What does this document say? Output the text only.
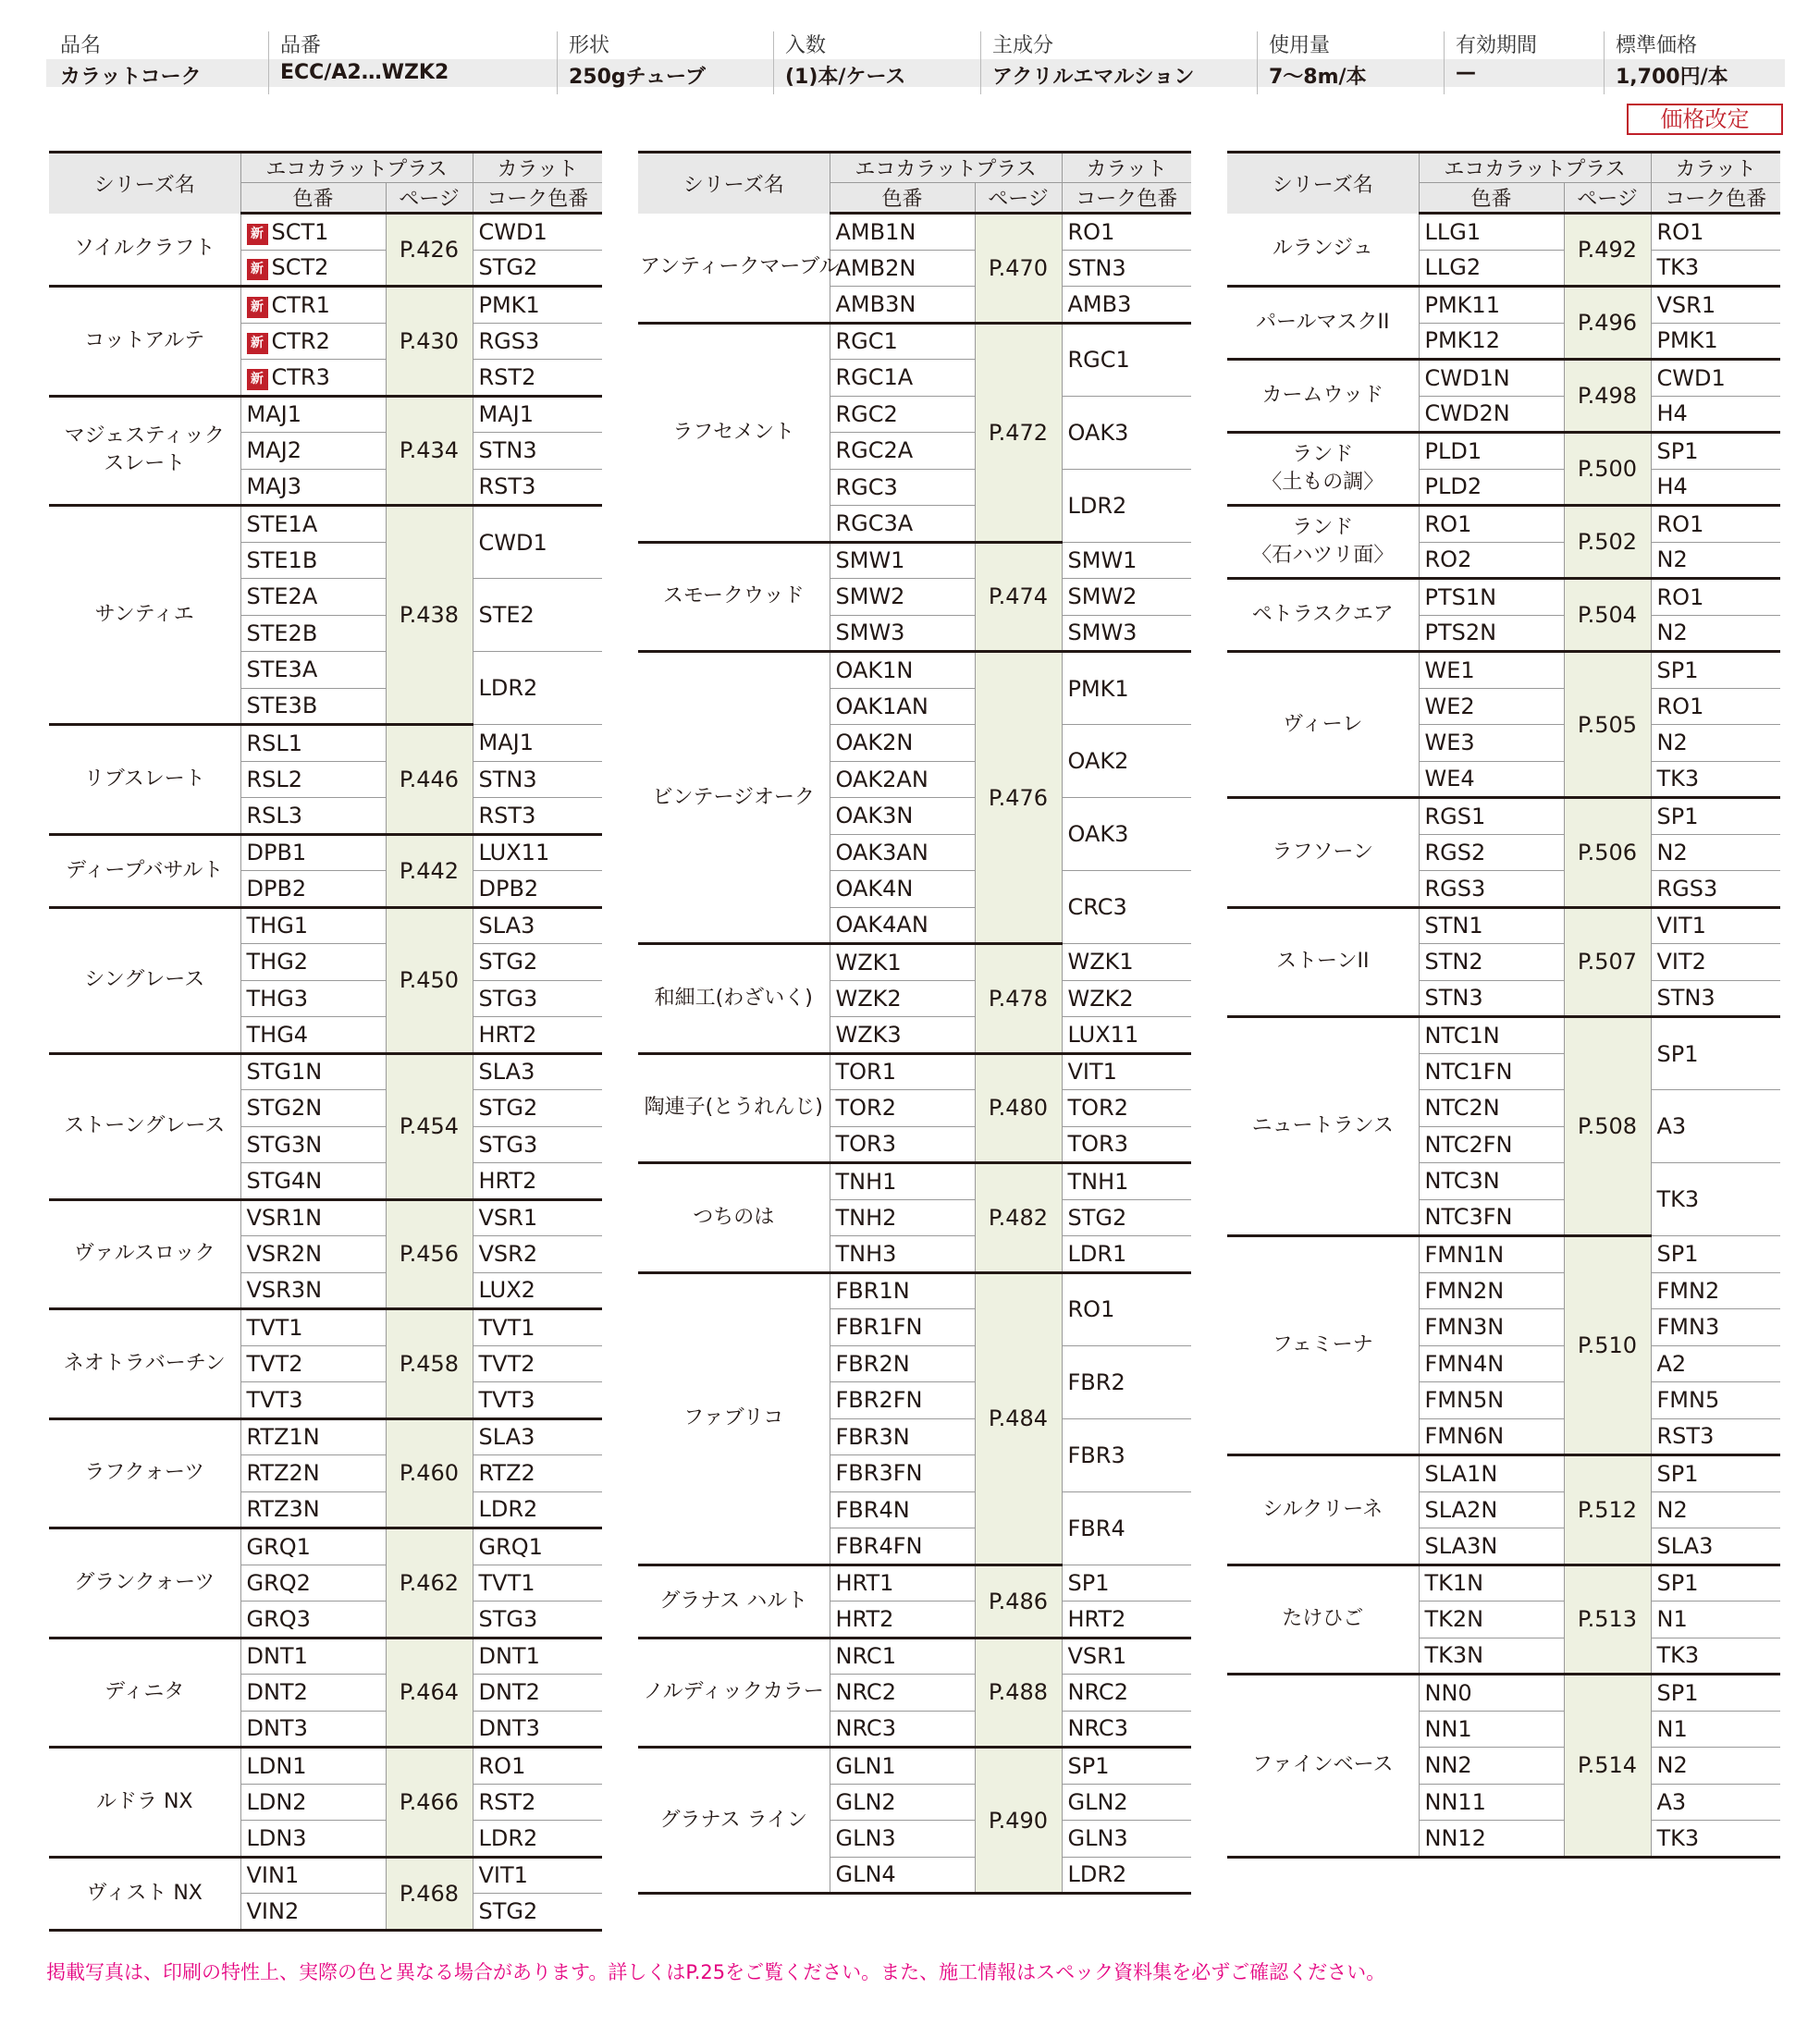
品名	品番	形状	入数	主成分	使用量	有効期間	標準価格
カラットコーク	ECC/A2…WZK2	250gチューブ	(1)本/ケース	アクリルエマルション	7〜8m/本	—	1,700円/本
価格改定
シリーズ名	エコカラットプラス		カラット
	色番	ページ	コーク色番
ソイルクラフト	新 SCT1	P.426	CWD1
	新 SCT2		STG2
コットアルテ	新 CTR1	P.430	PMK1
	新 CTR2		RGS3
	新 CTR3		RST2
マジェスティック
スレート	MAJ1	P.434	MAJ1
	MAJ2		STN3
	MAJ3		RST3
サンティエ	STE1A	P.438	CWD1
	STE1B		
	STE2A		STE2
	STE2B		
	STE3A		LDR2
	STE3B		
リブスレート	RSL1	P.446	MAJ1
	RSL2		STN3
	RSL3		RST3
ディープバサルト	DPB1	P.442	LUX11
	DPB2		DPB2
シングレース	THG1	P.450	SLA3
	THG2		STG2
	THG3		STG3
	THG4		HRT2
ストーングレース	STG1N	P.454	SLA3
	STG2N		STG2
	STG3N		STG3
	STG4N		HRT2
ヴァルスロック	VSR1N	P.456	VSR1
	VSR2N		VSR2
	VSR3N		LUX2
ネオトラバーチン	TVT1	P.458	TVT1
	TVT2		TVT2
	TVT3		TVT3
ラフクォーツ	RTZ1N	P.460	SLA3
	RTZ2N		RTZ2
	RTZ3N		LDR2
グランクォーツ	GRQ1	P.462	GRQ1
	GRQ2		TVT1
	GRQ3		STG3
ディニタ	DNT1	P.464	DNT1
	DNT2		DNT2
	DNT3		DNT3
ルドラ NX	LDN1	P.466	RO1
	LDN2		RST2
	LDN3		LDR2
ヴィスト NX	VIN1	P.468	VIT1
	VIN2		STG2
シリーズ名	エコカラットプラス		カラット
	色番	ページ	コーク色番
アンティークマーブル	AMB1N	P.470	RO1
	AMB2N		STN3
	AMB3N		AMB3
ラフセメント	RGC1	P.472	RGC1
	RGC1A		
	RGC2		OAK3
	RGC2A		
	RGC3		LDR2
	RGC3A		
スモークウッド	SMW1	P.474	SMW1
	SMW2		SMW2
	SMW3		SMW3
ビンテージオーク	OAK1N	P.476	PMK1
	OAK1AN		
	OAK2N		OAK2
	OAK2AN		
	OAK3N		OAK3
	OAK3AN		
	OAK4N		CRC3
	OAK4AN		
和細工(わざいく)	WZK1	P.478	WZK1
	WZK2		WZK2
	WZK3		LUX11
陶連子(とうれんじ)	TOR1	P.480	VIT1
	TOR2		TOR2
	TOR3		TOR3
つちのは	TNH1	P.482	TNH1
	TNH2		STG2
	TNH3		LDR1
ファブリコ	FBR1N	P.484	RO1
	FBR1FN		
	FBR2N		FBR2
	FBR2FN		
	FBR3N		FBR3
	FBR3FN		
	FBR4N		FBR4
	FBR4FN		
グラナス ハルト	HRT1	P.486	SP1
	HRT2		HRT2
ノルディックカラー	NRC1	P.488	VSR1
	NRC2		NRC2
	NRC3		NRC3
グラナス ライン	GLN1	P.490	SP1
	GLN2		GLN2
	GLN3		GLN3
	GLN4		LDR2
シリーズ名	エコカラットプラス		カラット
	色番	ページ	コーク色番
ルランジュ	LLG1	P.492	RO1
	LLG2		TK3
パールマスクII	PMK11	P.496	VSR1
	PMK12		PMK1
カームウッド	CWD1N	P.498	CWD1
	CWD2N		H4
ランド
〈土もの調〉	PLD1	P.500	SP1
	PLD2		H4
ランド
〈石ハツリ面〉	RO1	P.502	RO1
	RO2		N2
ペトラスクエア	PTS1N	P.504	RO1
	PTS2N		N2
ヴィーレ	WE1	P.505	SP1
	WE2		RO1
	WE3		N2
	WE4		TK3
ラフソーン	RGS1	P.506	SP1
	RGS2		N2
	RGS3		RGS3
ストーンII	STN1	P.507	VIT1
	STN2		VIT2
	STN3		STN3
ニュートランス	NTC1N	P.508	SP1
	NTC1FN		
	NTC2N		A3
	NTC2FN		
	NTC3N		TK3
	NTC3FN		
フェミーナ	FMN1N	P.510	SP1
	FMN2N		FMN2
	FMN3N		FMN3
	FMN4N		A2
	FMN5N		FMN5
	FMN6N		RST3
シルクリーネ	SLA1N	P.512	SP1
	SLA2N		N2
	SLA3N		SLA3
たけひご	TK1N	P.513	SP1
	TK2N		N1
	TK3N		TK3
ファインベース	NN0	P.514	SP1
	NN1		N1
	NN2		N2
	NN11		A3
	NN12		TK3
掲載写真は、印刷の特性上、実際の色と異なる場合があります。詳しくはP.25をご覧ください。また、施工情報はスペック資料集を必ずご確認ください。
